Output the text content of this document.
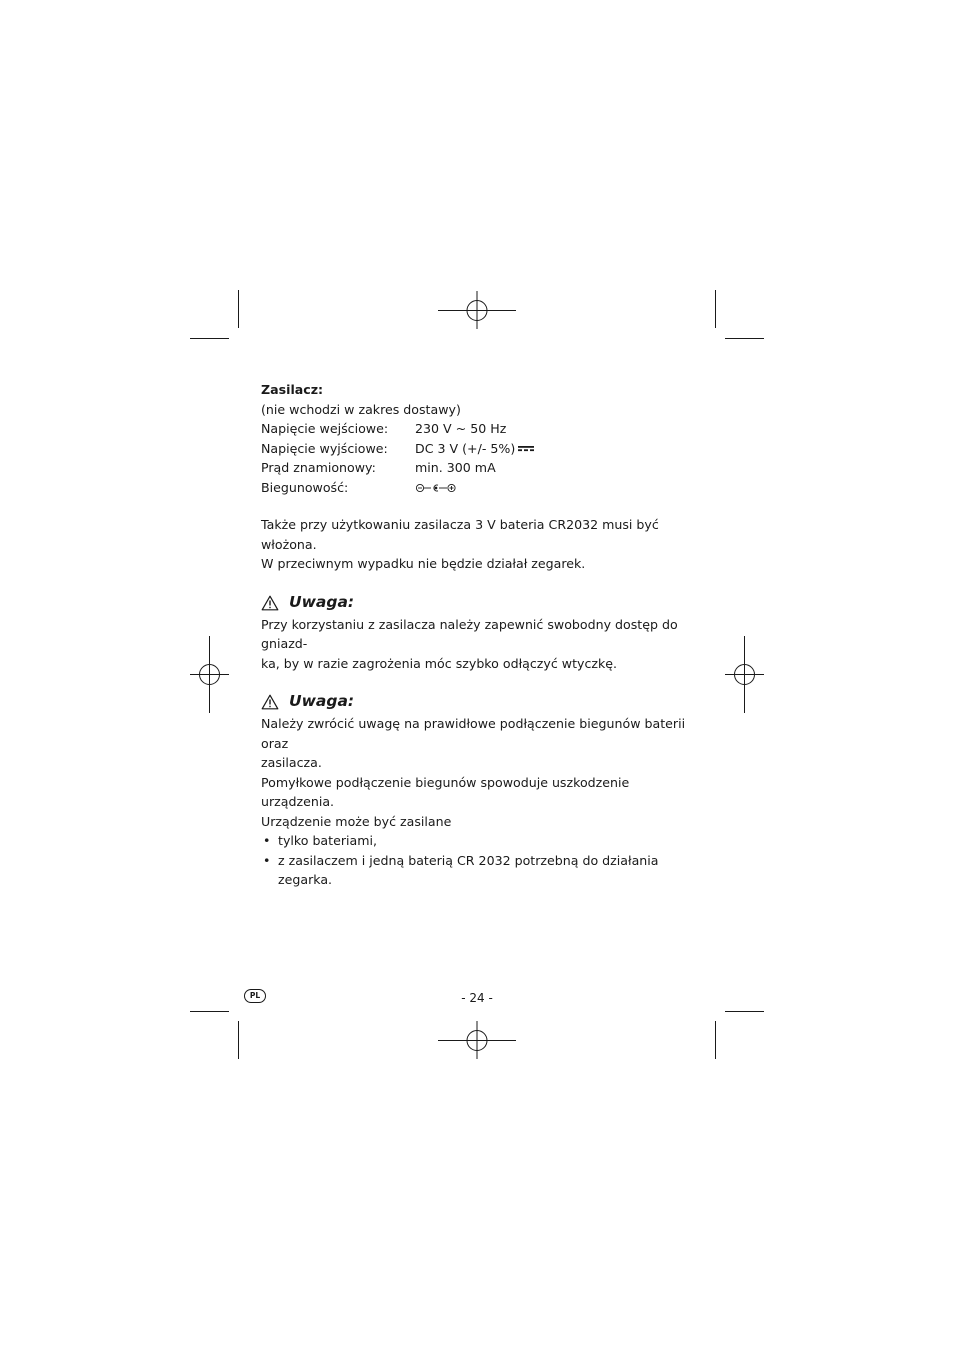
Zasilacz:

(nie wchodzi w zakres dostawy)

Napięcie wejściowe:	230 V ~ 50 Hz
Napięcie wyjściowe:	DC 3 V (+/- 5%)
Prąd znamionowy:	min. 300 mA
Biegunowość:

Także przy użytkowaniu zasilacza 3 V bateria CR2032 musi być włożona.

W przeciwnym wypadku nie będzie działał zegarek.

Uwaga:

Przy korzystaniu z zasilacza należy zapewnić swobodny dostęp do gniazd-

ka, by w razie zagrożenia móc szybko odłączyć wtyczkę.

Uwaga:

Należy zwrócić uwagę na prawidłowe podłączenie biegunów baterii oraz

zasilacza.

Pomyłkowe podłączenie biegunów spowoduje uszkodzenie urządzenia.

Urządzenie może być zasilane

• tylko bateriami,
• z zasilaczem i jedną baterią CR 2032 potrzebną do działania zegarka.
PL	- 24 -
